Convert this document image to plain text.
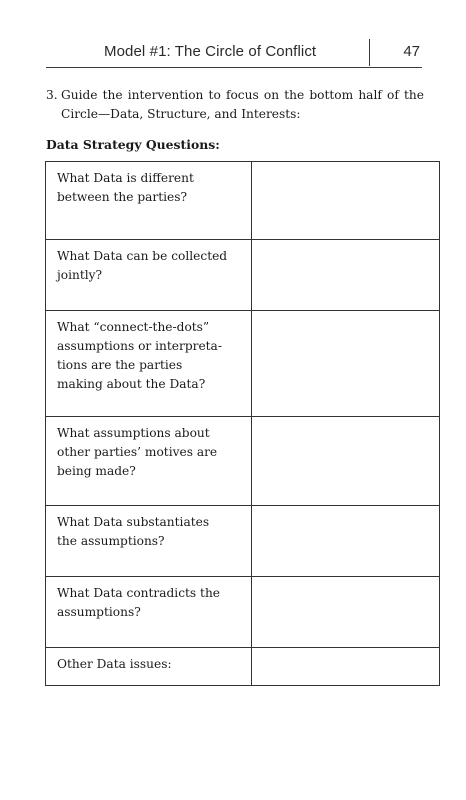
Model #1: The Circle of Conflict	47
3. Guide the intervention to focus on the bottom half of the
Circle—Data, Structure, and Interests:
Data Strategy Questions:
What Data is different
between the parties?	
What Data can be collected
jointly?	
What “connect-the-dots”
assumptions or interpreta-
tions are the parties
making about the Data?	
What assumptions about
other parties’ motives are
being made?	
What Data substantiates
the assumptions?	
What Data contradicts the
assumptions?	
Other Data issues:	
